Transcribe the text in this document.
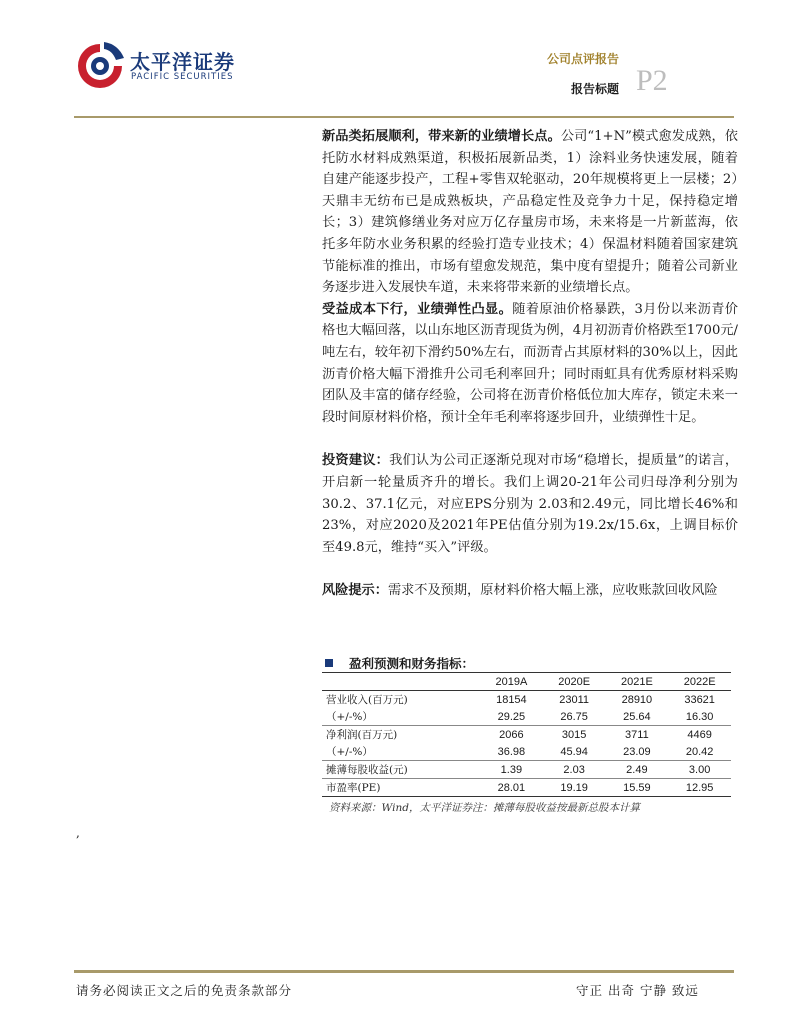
太平洋证券
PACIFIC SECURITIES
公司点评报告
报告标题 P2

新品类拓展顺利，带来新的业绩增长点。公司“1+N”模式愈发成熟，依托防水材料成熟渠道，积极拓展新品类，1）涂料业务快速发展，随着自建产能逐步投产，工程+零售双轮驱动，20年规模将更上一层楼；2）天鼎丰无纺布已是成熟板块，产品稳定性及竞争力十足，保持稳定增长；3）建筑修缮业务对应万亿存量房市场，未来将是一片新蓝海，依托多年防水业务积累的经验打造专业技术；4）保温材料随着国家建筑节能标准的推出，市场有望愈发规范，集中度有望提升；随着公司新业务逐步进入发展快车道，未来将带来新的业绩增长点。

受益成本下行，业绩弹性凸显。随着原油价格暴跌，3月份以来沥青价格也大幅回落，以山东地区沥青现货为例，4月初沥青价格跌至1700元/吨左右，较年初下滑约50%左右，而沥青占其原材料的30%以上，因此沥青价格大幅下滑推升公司毛利率回升；同时雨虹具有优秀原材料采购团队及丰富的储存经验，公司将在沥青价格低位加大库存，锁定未来一段时间原材料价格，预计全年毛利率将逐步回升，业绩弹性十足。

投资建议：我们认为公司正逐渐兑现对市场“稳增长，提质量”的诺言，开启新一轮量质齐升的增长。我们上调20-21年公司归母净利分别为30.2、37.1亿元，对应EPS分别为 2.03和2.49元，同比增长46%和23%，对应2020及2021年PE估值分别为19.2x/15.6x，上调目标价至49.8元，维持“买入”评级。

风险提示：需求不及预期，原材料价格大幅上涨，应收账款回收风险

盈利预测和财务指标：
	2019A	2020E	2021E	2022E
营业收入(百万元)	18154	23011	28910	33621
（+/-%）	29.25	26.75	25.64	16.30
净利润(百万元)	2066	3015	3711	4469
（+/-%）	36.98	45.94	23.09	20.42
摊薄每股收益(元)	1.39	2.03	2.49	3.00
市盈率(PE)	28.01	19.19	15.59	12.95
资料来源：Wind，太平洋证券注：摊薄每股收益按最新总股本计算
,
请务必阅读正文之后的免责条款部分	守正 出奇 宁静 致远
